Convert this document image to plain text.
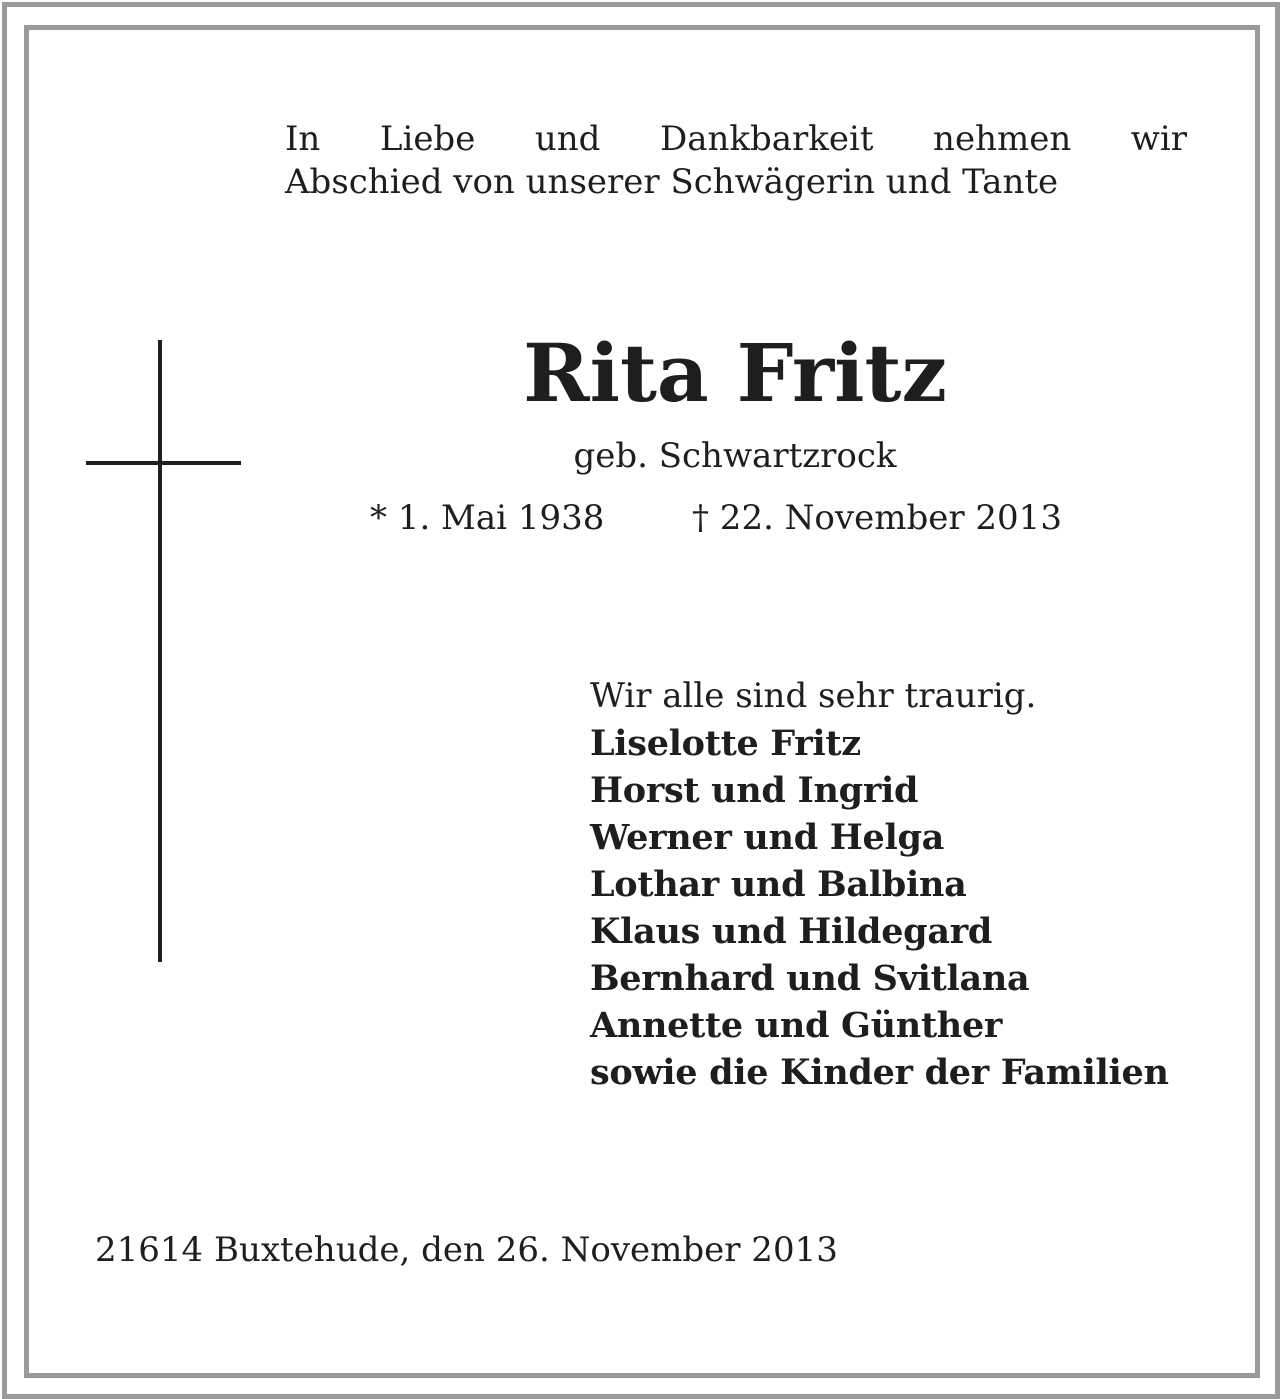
In Liebe und Dankbarkeit nehmen wir
Abschied von unserer Schwägerin und Tante
Rita Fritz
geb. Schwartzrock
* 1. Mai 1938	† 22. November 2013
Wir alle sind sehr traurig.
Liselotte Fritz
Horst und Ingrid
Werner und Helga
Lothar und Balbina
Klaus und Hildegard
Bernhard und Svitlana
Annette und Günther
sowie die Kinder der Familien
21614 Buxtehude, den 26. November 2013
